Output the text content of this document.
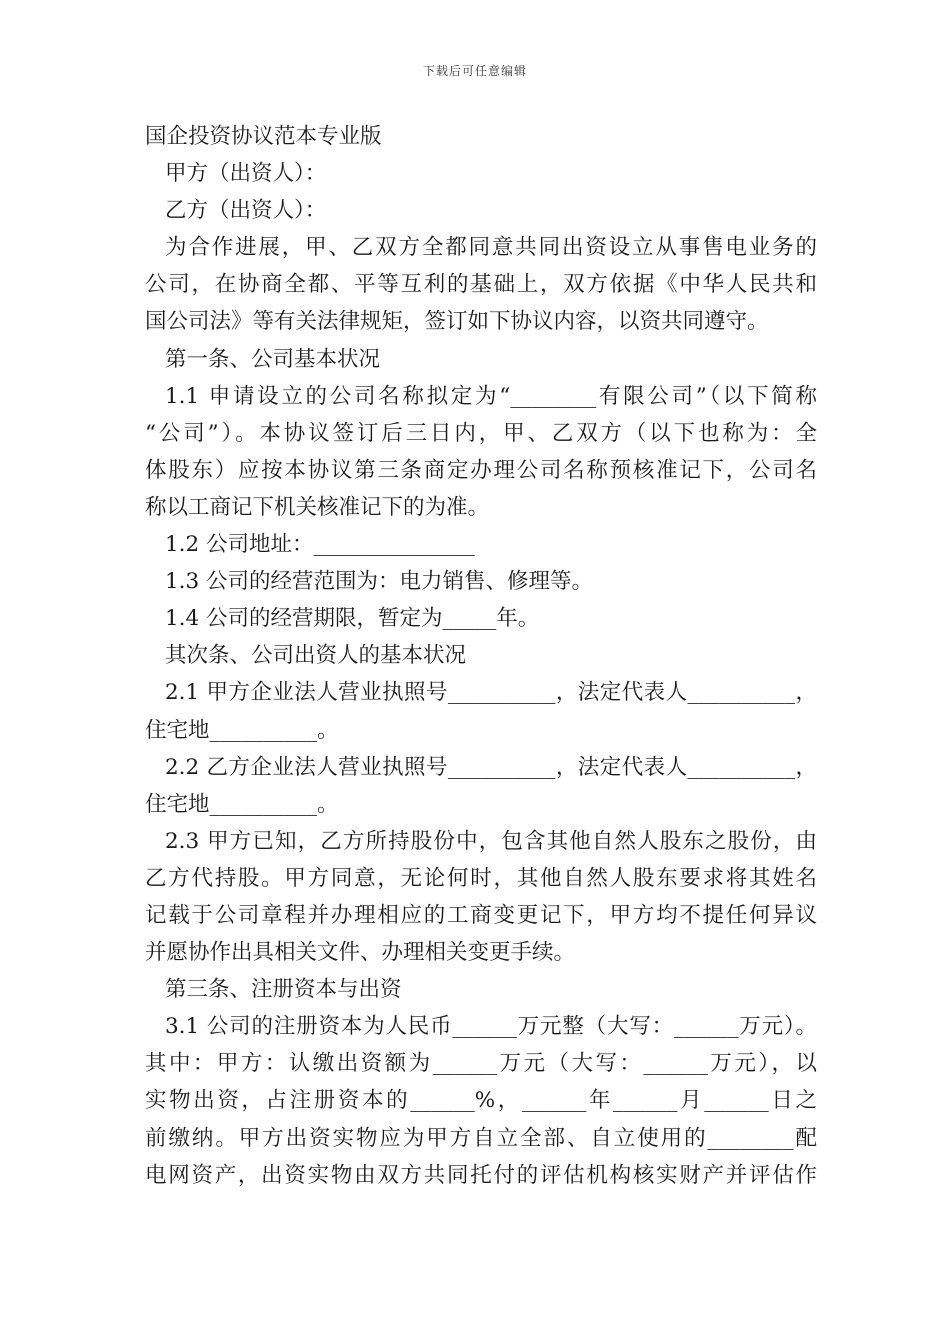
下载后可任意编辑

国企投资协议范本专业版

甲方（出资人）：

乙方（出资人）：

为合作进展，甲、乙双方全都同意共同出资设立从事售电业务的

公司，在协商全都、平等互利的基础上，双方依据《中华人民共和

国公司法》等有关法律规矩，签订如下协议内容，以资共同遵守。

第一条、公司基本状况

1.1 申请设立的公司名称拟定为“________有限公司”（以下简称

“公司”）。本协议签订后三日内，甲、乙双方（以下也称为：全

体股东）应按本协议第三条商定办理公司名称预核准记下，公司名

称以工商记下机关核准记下的为准。

1.2 公司地址：_______________

1.3 公司的经营范围为：电力销售、修理等。

1.4 公司的经营期限，暂定为_____年。

其次条、公司出资人的基本状况

2.1 甲方企业法人营业执照号__________，法定代表人__________，

住宅地__________。

2.2 乙方企业法人营业执照号__________，法定代表人__________，

住宅地__________。

2.3 甲方已知，乙方所持股份中，包含其他自然人股东之股份，由

乙方代持股。甲方同意，无论何时，其他自然人股东要求将其姓名

记载于公司章程并办理相应的工商变更记下，甲方均不提任何异议

并愿协作出具相关文件、办理相关变更手续。

第三条、注册资本与出资

3.1 公司的注册资本为人民币______万元整（大写：______万元）。

其中：甲方：认缴出资额为______万元（大写：______万元），以

实物出资，占注册资本的______%，______年______月______日之

前缴纳。甲方出资实物应为甲方自立全部、自立使用的________配

电网资产，出资实物由双方共同托付的评估机构核实财产并评估作
